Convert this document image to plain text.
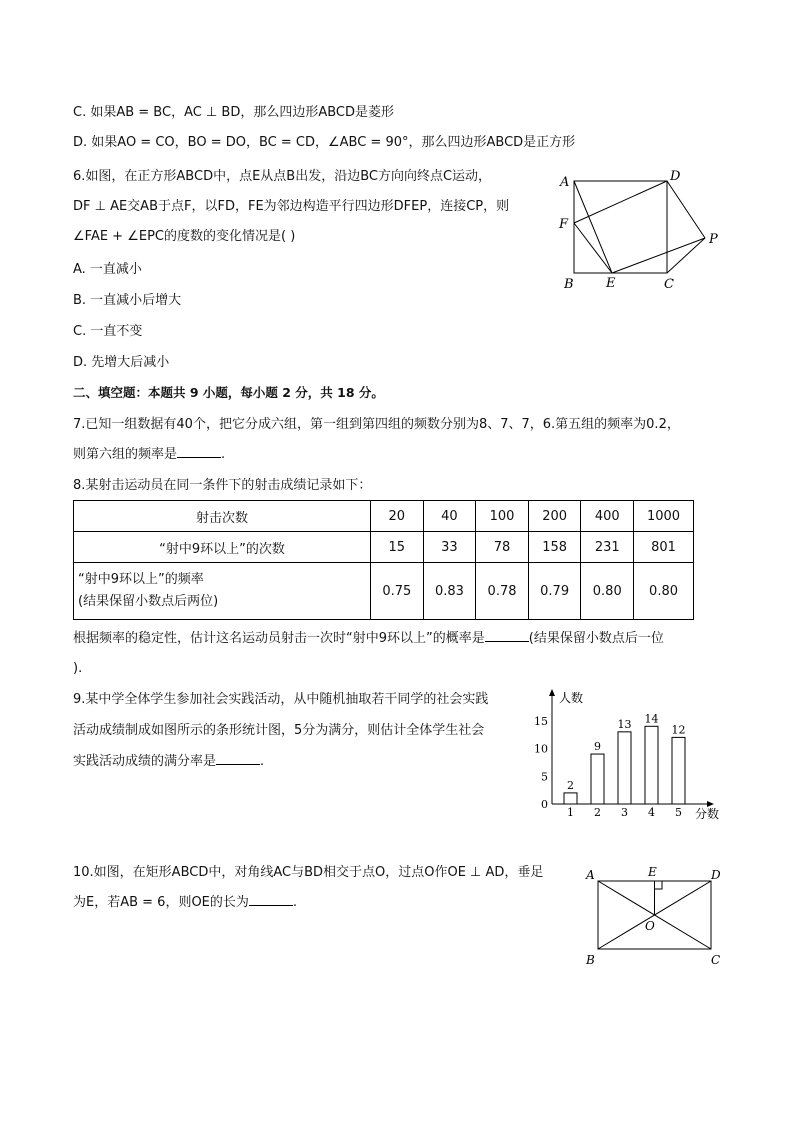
C. 如果AB = BC，AC ⊥ BD，那么四边形ABCD是菱形
D. 如果AO = CO，BO = DO，BC = CD，∠ABC = 90°，那么四边形ABCD是正方形
6.如图，在正方形ABCD中，点E从点B出发，沿边BC方向向终点C运动，
DF ⊥ AE交AB于点F，以FD，FE为邻边构造平行四边形DFEP，连接CP，则
∠FAE + ∠EPC的度数的变化情况是( )
A. 一直减小
B. 一直减小后增大
C. 一直不变
D. 先增大后减小
A	D
F
P
B E	C
二、填空题：本题共 9 小题，每小题 2 分，共 18 分。
7.已知一组数据有40个，把它分成六组，第一组到第四组的频数分别为8、7、7，6.第五组的频率为0.2，
则第六组的频率是	.
8.某射击运动员在同一条件下的射击成绩记录如下：
射击次数	20	40	100	200	400	1000
“射中9环以上”的次数	15	33	78	158	231	801

“射中9环以上”的频率
(结果保留小数点后两位)	0.75	0.83	0.78	0.79	0.80	0.80
根据频率的稳定性，估计这名运动员射击一次时“射中9环以上”的概率是	(结果保留小数点后一位
).
9.某中学全体学生参加社会实践活动，从中随机抽取若干同学的社会实践
活动成绩制成如图所示的条形统计图，5分为满分，则估计全体学生社会
实践活动成绩的满分率是	.
人数
分数
0
5
10
15
2
1
9
2
13
3
14
4
12
5
10.如图，在矩形ABCD中，对角线AC与BD相交于点O，过点O作OE ⊥ AD，垂足
为E，若AB = 6，则OE的长为	.
A	E	D
O
B	C
